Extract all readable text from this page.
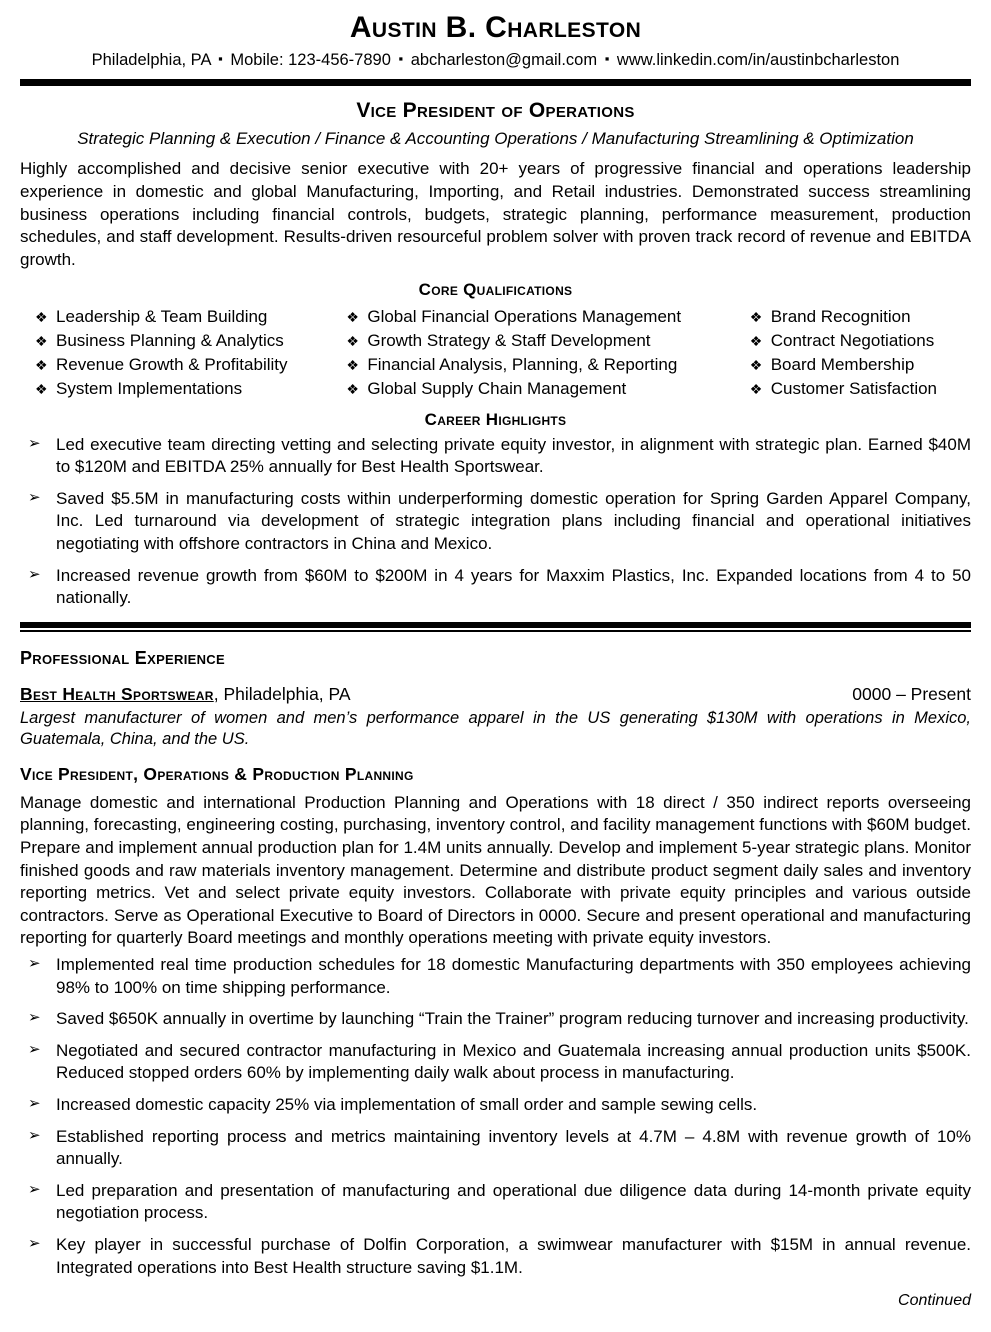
Austin B. Charleston
Philadelphia, PA ▪ Mobile: 123-456-7890 ▪ abcharleston@gmail.com ▪ www.linkedin.com/in/austinbcharleston
Vice President of Operations
Strategic Planning & Execution / Finance & Accounting Operations / Manufacturing Streamlining & Optimization
Highly accomplished and decisive senior executive with 20+ years of progressive financial and operations leadership experience in domestic and global Manufacturing, Importing, and Retail industries. Demonstrated success streamlining business operations including financial controls, budgets, strategic planning, performance measurement, production schedules, and staff development. Results-driven resourceful problem solver with proven track record of revenue and EBITDA growth.
Core Qualifications
❖ Leadership & Team Building
❖ Business Planning & Analytics
❖ Revenue Growth & Profitability
❖ System Implementations
❖ Global Financial Operations Management
❖ Growth Strategy & Staff Development
❖ Financial Analysis, Planning, & Reporting
❖ Global Supply Chain Management
❖ Brand Recognition
❖ Contract Negotiations
❖ Board Membership
❖ Customer Satisfaction
Career Highlights
➢ Led executive team directing vetting and selecting private equity investor, in alignment with strategic plan. Earned $40M to $120M and EBITDA 25% annually for Best Health Sportswear.
➢ Saved $5.5M in manufacturing costs within underperforming domestic operation for Spring Garden Apparel Company, Inc. Led turnaround via development of strategic integration plans including financial and operational initiatives negotiating with offshore contractors in China and Mexico.
➢ Increased revenue growth from $60M to $200M in 4 years for Maxxim Plastics, Inc. Expanded locations from 4 to 50 nationally.
Professional Experience
Best Health Sportswear, Philadelphia, PA	0000 – Present
Largest manufacturer of women and men’s performance apparel in the US generating $130M with operations in Mexico, Guatemala, China, and the US.
Vice President, Operations & Production Planning
Manage domestic and international Production Planning and Operations with 18 direct / 350 indirect reports overseeing planning, forecasting, engineering costing, purchasing, inventory control, and facility management functions with $60M budget. Prepare and implement annual production plan for 1.4M units annually. Develop and implement 5-year strategic plans. Monitor finished goods and raw materials inventory management. Determine and distribute product segment daily sales and inventory reporting metrics. Vet and select private equity investors. Collaborate with private equity principles and various outside contractors. Serve as Operational Executive to Board of Directors in 0000. Secure and present operational and manufacturing reporting for quarterly Board meetings and monthly operations meeting with private equity investors.
➢ Implemented real time production schedules for 18 domestic Manufacturing departments with 350 employees achieving 98% to 100% on time shipping performance.
➢ Saved $650K annually in overtime by launching “Train the Trainer” program reducing turnover and increasing productivity.
➢ Negotiated and secured contractor manufacturing in Mexico and Guatemala increasing annual production units $500K. Reduced stopped orders 60% by implementing daily walk about process in manufacturing.
➢ Increased domestic capacity 25% via implementation of small order and sample sewing cells.
➢ Established reporting process and metrics maintaining inventory levels at 4.7M – 4.8M with revenue growth of 10% annually.
➢ Led preparation and presentation of manufacturing and operational due diligence data during 14-month private equity negotiation process.
➢ Key player in successful purchase of Dolfin Corporation, a swimwear manufacturer with $15M in annual revenue. Integrated operations into Best Health structure saving $1.1M.
Continued
